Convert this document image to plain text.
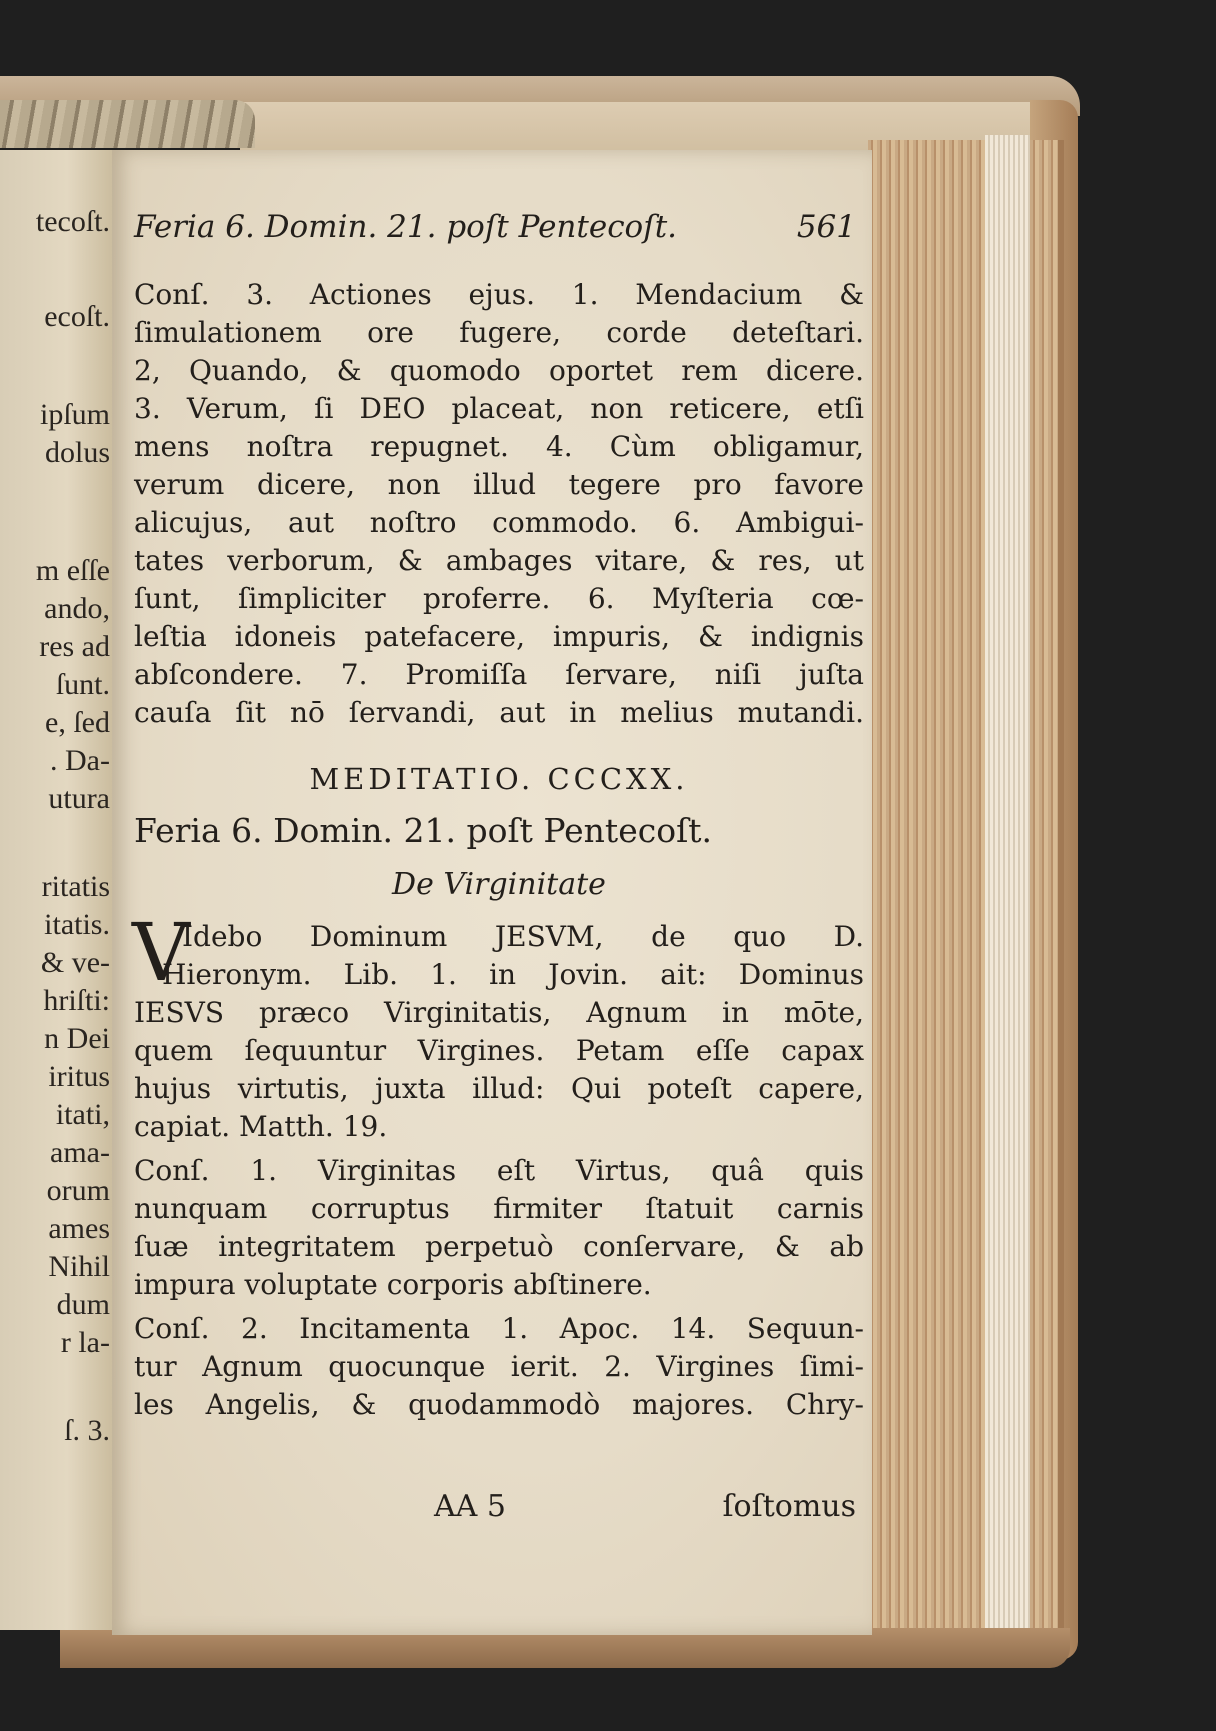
tecoſt.
ecoſt.
ipſum
dolus
m eſſe
ando,
res ad
ſunt.
e, ſed
. Da-
utura
ritatis
itatis.
& ve-
hriſti:
n Dei
iritus
itati,
ama-
orum
ames
Nihil
dum
r la-
ſ. 3.
Feria 6. Domin. 21. poſt Pentecoſt.	561
Conſ. 3. Actiones ejus. 1. Mendacium &
ſimulationem ore fugere, corde deteſtari.
2, Quando, & quomodo oportet rem dicere.
3. Verum, ſi DEO placeat, non reticere, etſi
mens noſtra repugnet. 4. Cùm obligamur,
verum dicere, non illud tegere pro favore
alicujus, aut noſtro commodo. 6. Ambigui-
tates verborum, & ambages vitare, & res, ut
ſunt, ſimpliciter proferre. 6. Myſteria cœ-
leſtia idoneis patefacere, impuris, & indignis
abſcondere. 7. Promiſſa ſervare, niſi juſta
cauſa ſit nō ſervandi, aut in melius mutandi.
MEDITATIO. CCCXX.
Feria 6. Domin. 21. poſt Pentecoſt.
De Virginitate
V
Idebo Dominum JESVM, de quo D.
Hieronym. Lib. 1. in Jovin. ait: Dominus
IESVS præco Virginitatis, Agnum in mōte,
quem ſequuntur Virgines. Petam eſſe capax
hujus virtutis, juxta illud: Qui poteſt capere,
capiat. Matth. 19.
Conſ. 1. Virginitas eſt Virtus, quâ quis
nunquam corruptus firmiter ſtatuit carnis
ſuæ integritatem perpetuò conſervare, & ab
impura voluptate corporis abſtinere.
Conſ. 2. Incitamenta 1. Apoc. 14. Sequun-
tur Agnum quocunque ierit. 2. Virgines ſimi-
les Angelis, & quodammodò majores. Chry-
AA 5	ſoſtomus
